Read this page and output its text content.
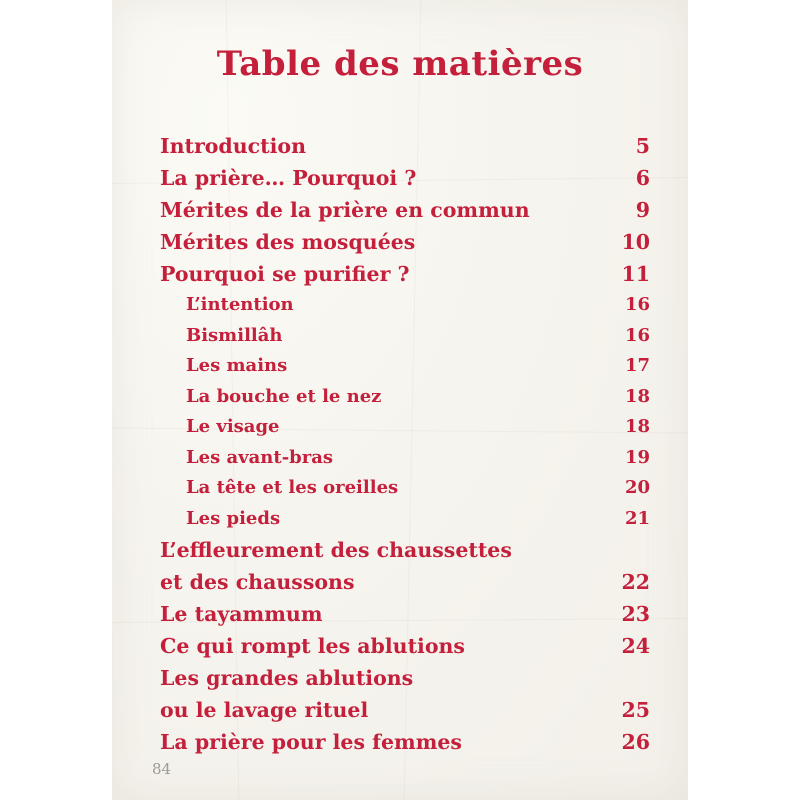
Table des matières
Introduction	5
La prière… Pourquoi ?	6
Mérites de la prière en commun	9
Mérites des mosquées	10
Pourquoi se purifier ?	11
L’intention	16
Bismillâh	16
Les mains	17
La bouche et le nez	18
Le visage	18
Les avant-bras	19
La tête et les oreilles	20
Les pieds	21
L’effleurement des chaussettes
et des chaussons	22
Le tayammum	23
Ce qui rompt les ablutions	24
Les grandes ablutions
ou le lavage rituel	25
La prière pour les femmes	26
84
